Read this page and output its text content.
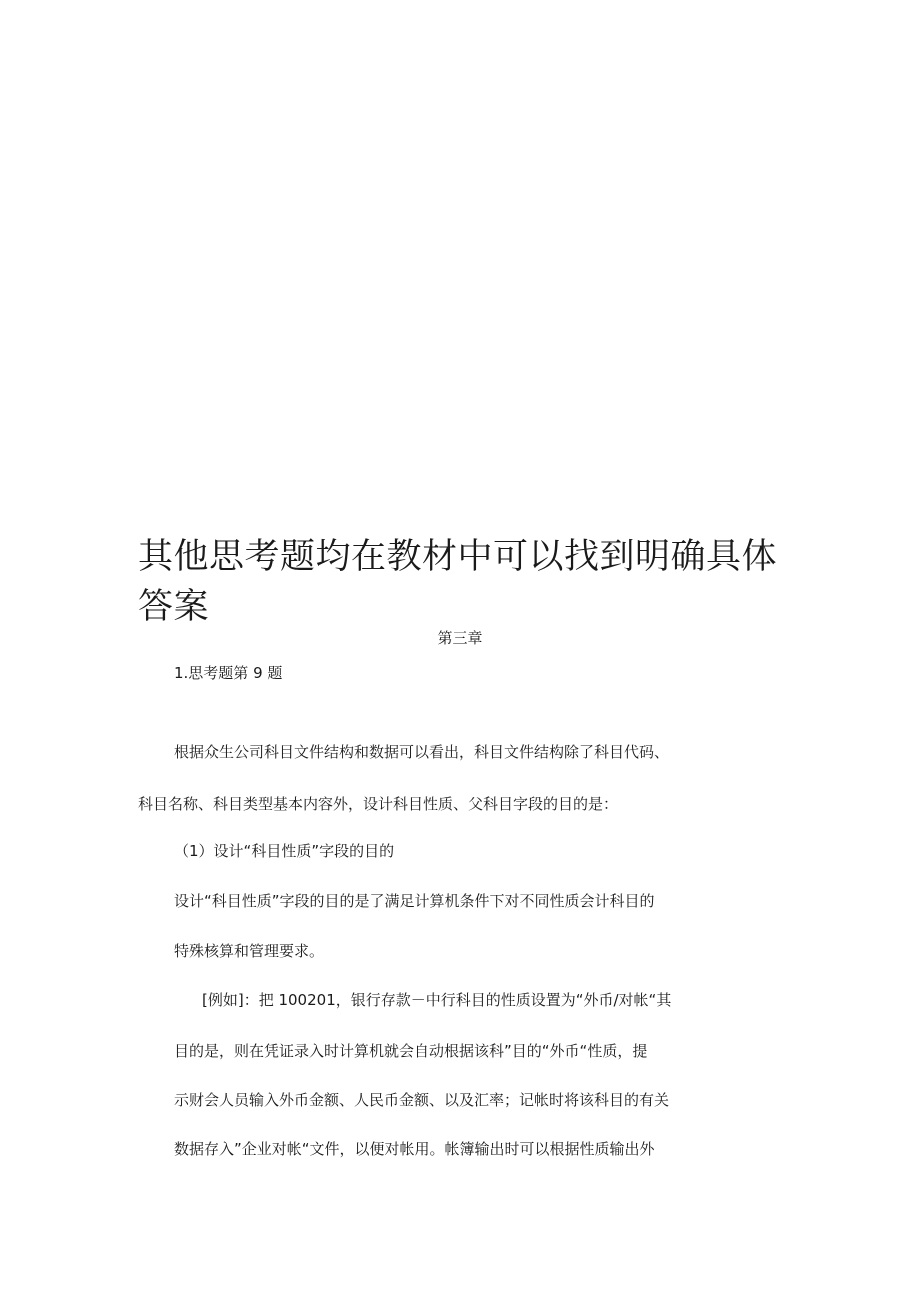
其他思考题均在教材中可以找到明确具体答案
第三章

1.思考题第 9 题

根据众生公司科目文件结构和数据可以看出，科目文件结构除了科目代码、

科目名称、科目类型基本内容外，设计科目性质、父科目字段的目的是：

（1）设计“科目性质”字段的目的

设计“科目性质”字段的目的是了满足计算机条件下对不同性质会计科目的

特殊核算和管理要求。

[例如]：把 100201，银行存款－中行科目的性质设置为“外币/对帐“其

目的是，则在凭证录入时计算机就会自动根据该科”目的“外币“性质，提

示财会人员输入外币金额、人民币金额、以及汇率；记帐时将该科目的有关

数据存入”企业对帐“文件，以便对帐用。帐簿输出时可以根据性质输出外
